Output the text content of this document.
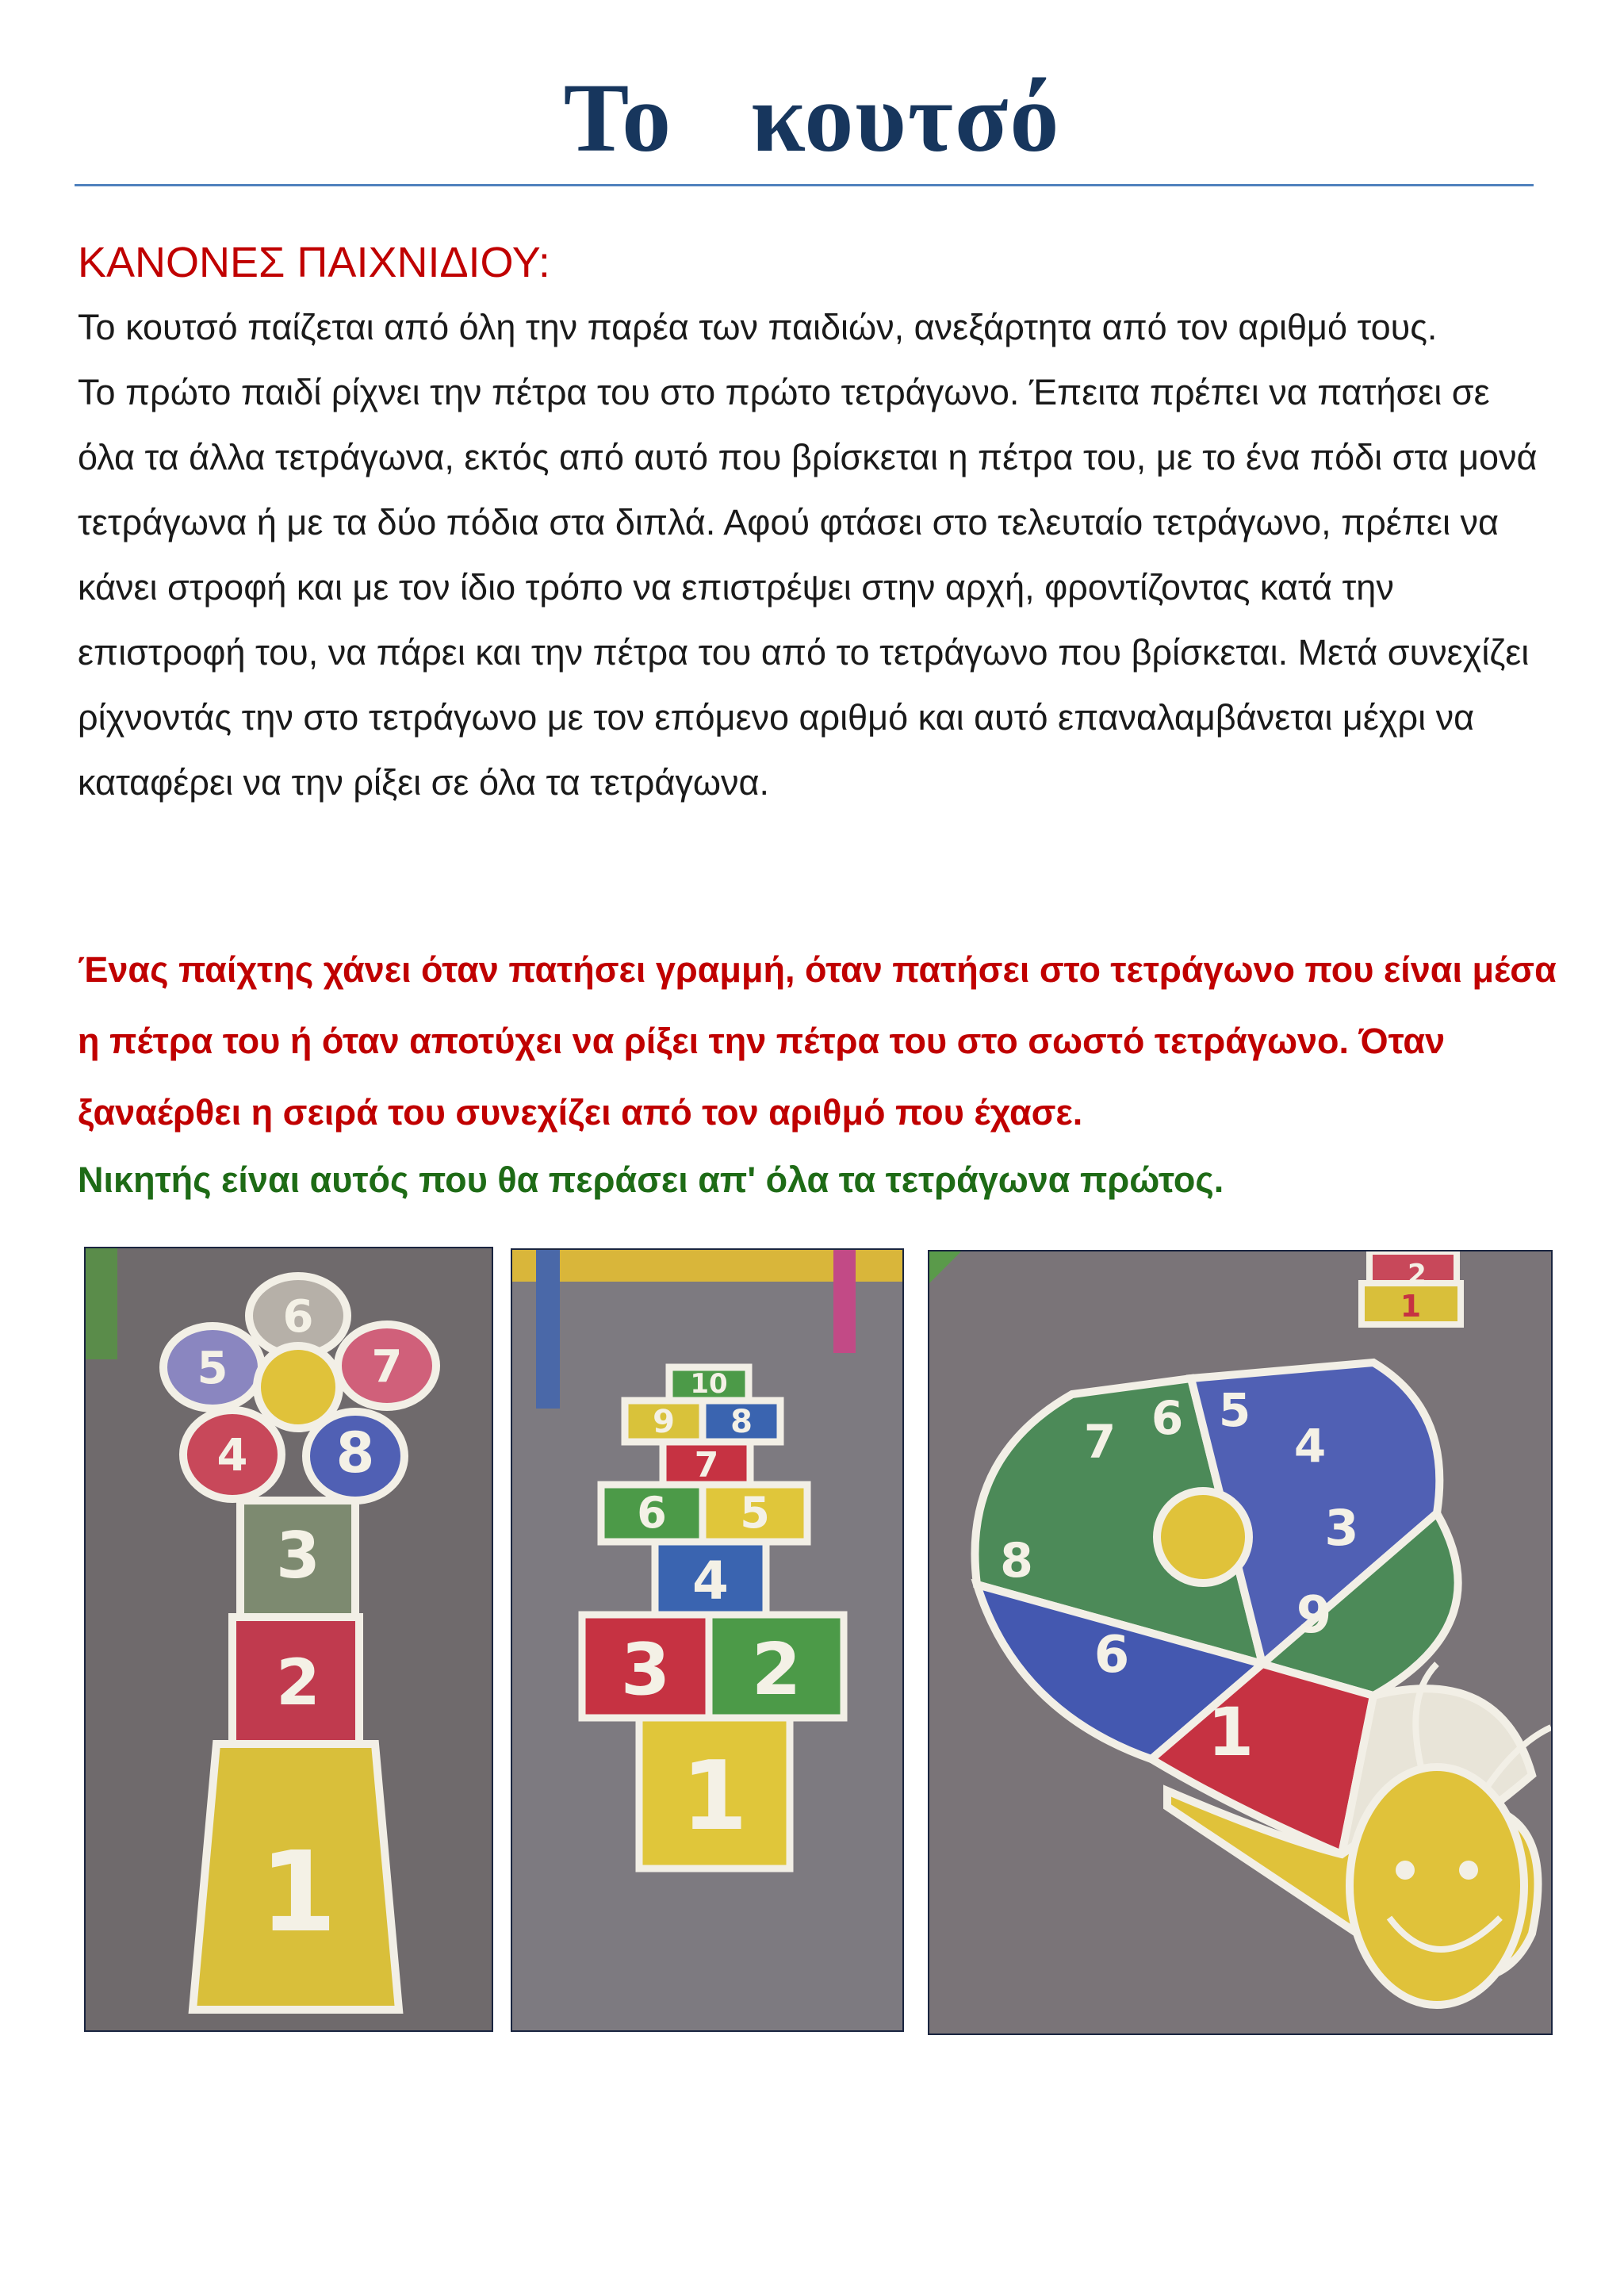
Το   κουτσό
ΚΑΝΟΝΕΣ ΠΑΙΧΝΙΔΙΟΥ:

Το κουτσό παίζεται από όλη την παρέα των παιδιών, ανεξάρτητα από τον αριθμό τους.

Το πρώτο παιδί ρίχνει την πέτρα του στο πρώτο τετράγωνο. Έπειτα πρέπει να πατήσει σε όλα τα άλλα τετράγωνα, εκτός από αυτό που βρίσκεται η πέτρα του, με το ένα πόδι στα μονά τετράγωνα ή με τα δύο πόδια στα διπλά. Αφού φτάσει στο τελευταίο τετράγωνο, πρέπει να κάνει στροφή και με τον ίδιο τρόπο να επιστρέψει στην αρχή, φροντίζοντας κατά την επιστροφή του, να πάρει και την πέτρα του από το τετράγωνο που βρίσκεται. Μετά συνεχίζει ρίχνοντάς την στο τετράγωνο με τον επόμενο αριθμό και αυτό επαναλαμβάνεται μέχρι να καταφέρει να την ρίξει σε όλα τα τετράγωνα.

Ένας παίχτης χάνει όταν πατήσει γραμμή, όταν πατήσει στο τετράγωνο που είναι μέσα η πέτρα του ή όταν αποτύχει να ρίξει την πέτρα του στο σωστό τετράγωνο. Όταν ξαναέρθει η σειρά του συνεχίζει από τον αριθμό που έχασε.
Νικητής είναι αυτός που θα περάσει απ' όλα τα τετράγωνα πρώτος.
6
5	7
4 8
3
2
1
10
9 8
7
6 5
4
3 2
1
7 6 5
4
8
3
6
9
1
2
1
